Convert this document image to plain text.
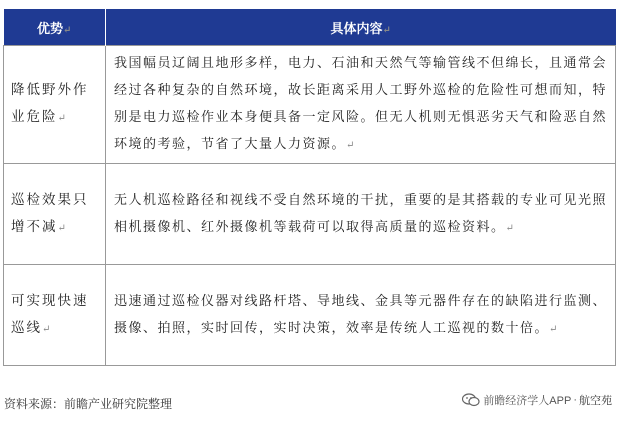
优势↵	具体内容↵
降低野外作业危险↵	我国幅员辽阔且地形多样，电力、石油和天然气等输管线不但绵长，且通常会经过各种复杂的自然环境，故长距离采用人工野外巡检的危险性可想而知，特别是电力巡检作业本身便具备一定风险。但无人机则无惧恶劣天气和险恶自然环境的考验，节省了大量人力资源。↵
巡检效果只增不减↵	无人机巡检路径和视线不受自然环境的干扰，重要的是其搭载的专业可见光照相机摄像机、红外摄像机等载荷可以取得高质量的巡检资料。↵
可实现快速巡线↵	迅速通过巡检仪器对线路杆塔、导地线、金具等元器件存在的缺陷进行监测、摄像、拍照，实时回传，实时决策，效率是传统人工巡视的数十倍。↵
资料来源：前瞻产业研究院整理	前瞻经济学人APP · 航空苑
